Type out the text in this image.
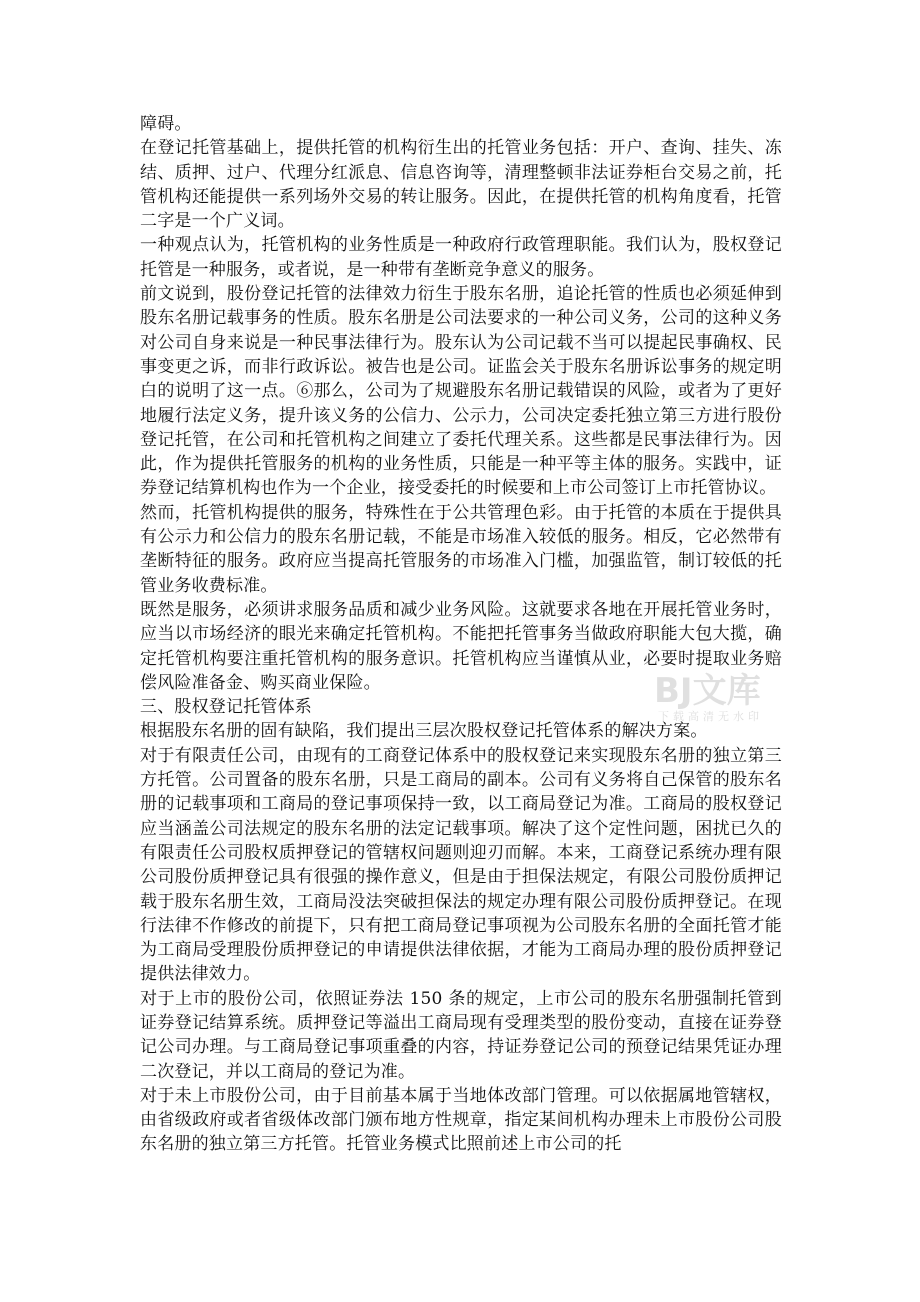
障碍。

在登记托管基础上，提供托管的机构衍生出的托管业务包括：开户、查询、挂失、冻结、质押、过户、代理分红派息、信息咨询等，清理整顿非法证券柜台交易之前，托管机构还能提供一系列场外交易的转让服务。因此，在提供托管的机构角度看，托管二字是一个广义词。

一种观点认为，托管机构的业务性质是一种政府行政管理职能。我们认为，股权登记托管是一种服务，或者说，是一种带有垄断竞争意义的服务。

前文说到，股份登记托管的法律效力衍生于股东名册，追论托管的性质也必须延伸到股东名册记载事务的性质。股东名册是公司法要求的一种公司义务，公司的这种义务对公司自身来说是一种民事法律行为。股东认为公司记载不当可以提起民事确权、民事变更之诉，而非行政诉讼。被告也是公司。证监会关于股东名册诉讼事务的规定明白的说明了这一点。⑥那么，公司为了规避股东名册记载错误的风险，或者为了更好地履行法定义务，提升该义务的公信力、公示力，公司决定委托独立第三方进行股份登记托管，在公司和托管机构之间建立了委托代理关系。这些都是民事法律行为。因此，作为提供托管服务的机构的业务性质，只能是一种平等主体的服务。实践中，证券登记结算机构也作为一个企业，接受委托的时候要和上市公司签订上市托管协议。

然而，托管机构提供的服务，特殊性在于公共管理色彩。由于托管的本质在于提供具有公示力和公信力的股东名册记载，不能是市场准入较低的服务。相反，它必然带有垄断特征的服务。政府应当提高托管服务的市场准入门槛，加强监管，制订较低的托管业务收费标准。

既然是服务，必须讲求服务品质和减少业务风险。这就要求各地在开展托管业务时，应当以市场经济的眼光来确定托管机构。不能把托管事务当做政府职能大包大揽，确定托管机构要注重托管机构的服务意识。托管机构应当谨慎从业，必要时提取业务赔偿风险准备金、购买商业保险。

三、股权登记托管体系

根据股东名册的固有缺陷，我们提出三层次股权登记托管体系的解决方案。

对于有限责任公司，由现有的工商登记体系中的股权登记来实现股东名册的独立第三方托管。公司置备的股东名册，只是工商局的副本。公司有义务将自己保管的股东名册的记载事项和工商局的登记事项保持一致，以工商局登记为准。工商局的股权登记应当涵盖公司法规定的股东名册的法定记载事项。解决了这个定性问题，困扰已久的有限责任公司股权质押登记的管辖权问题则迎刃而解。本来，工商登记系统办理有限公司股份质押登记具有很强的操作意义，但是由于担保法规定，有限公司股份质押记载于股东名册生效，工商局没法突破担保法的规定办理有限公司股份质押登记。在现行法律不作修改的前提下，只有把工商局登记事项视为公司股东名册的全面托管才能为工商局受理股份质押登记的申请提供法律依据，才能为工商局办理的股份质押登记提供法律效力。

对于上市的股份公司，依照证券法 150 条的规定，上市公司的股东名册强制托管到证券登记结算系统。质押登记等溢出工商局现有受理类型的股份变动，直接在证券登记公司办理。与工商局登记事项重叠的内容，持证券登记公司的预登记结果凭证办理二次登记，并以工商局的登记为准。

对于未上市股份公司，由于目前基本属于当地体改部门管理。可以依据属地管辖权，由省级政府或者省级体改部门颁布地方性规章，指定某间机构办理未上市股份公司股东名册的独立第三方托管。托管业务模式比照前述上市公司的托

BJ文库
下载高清无水印
